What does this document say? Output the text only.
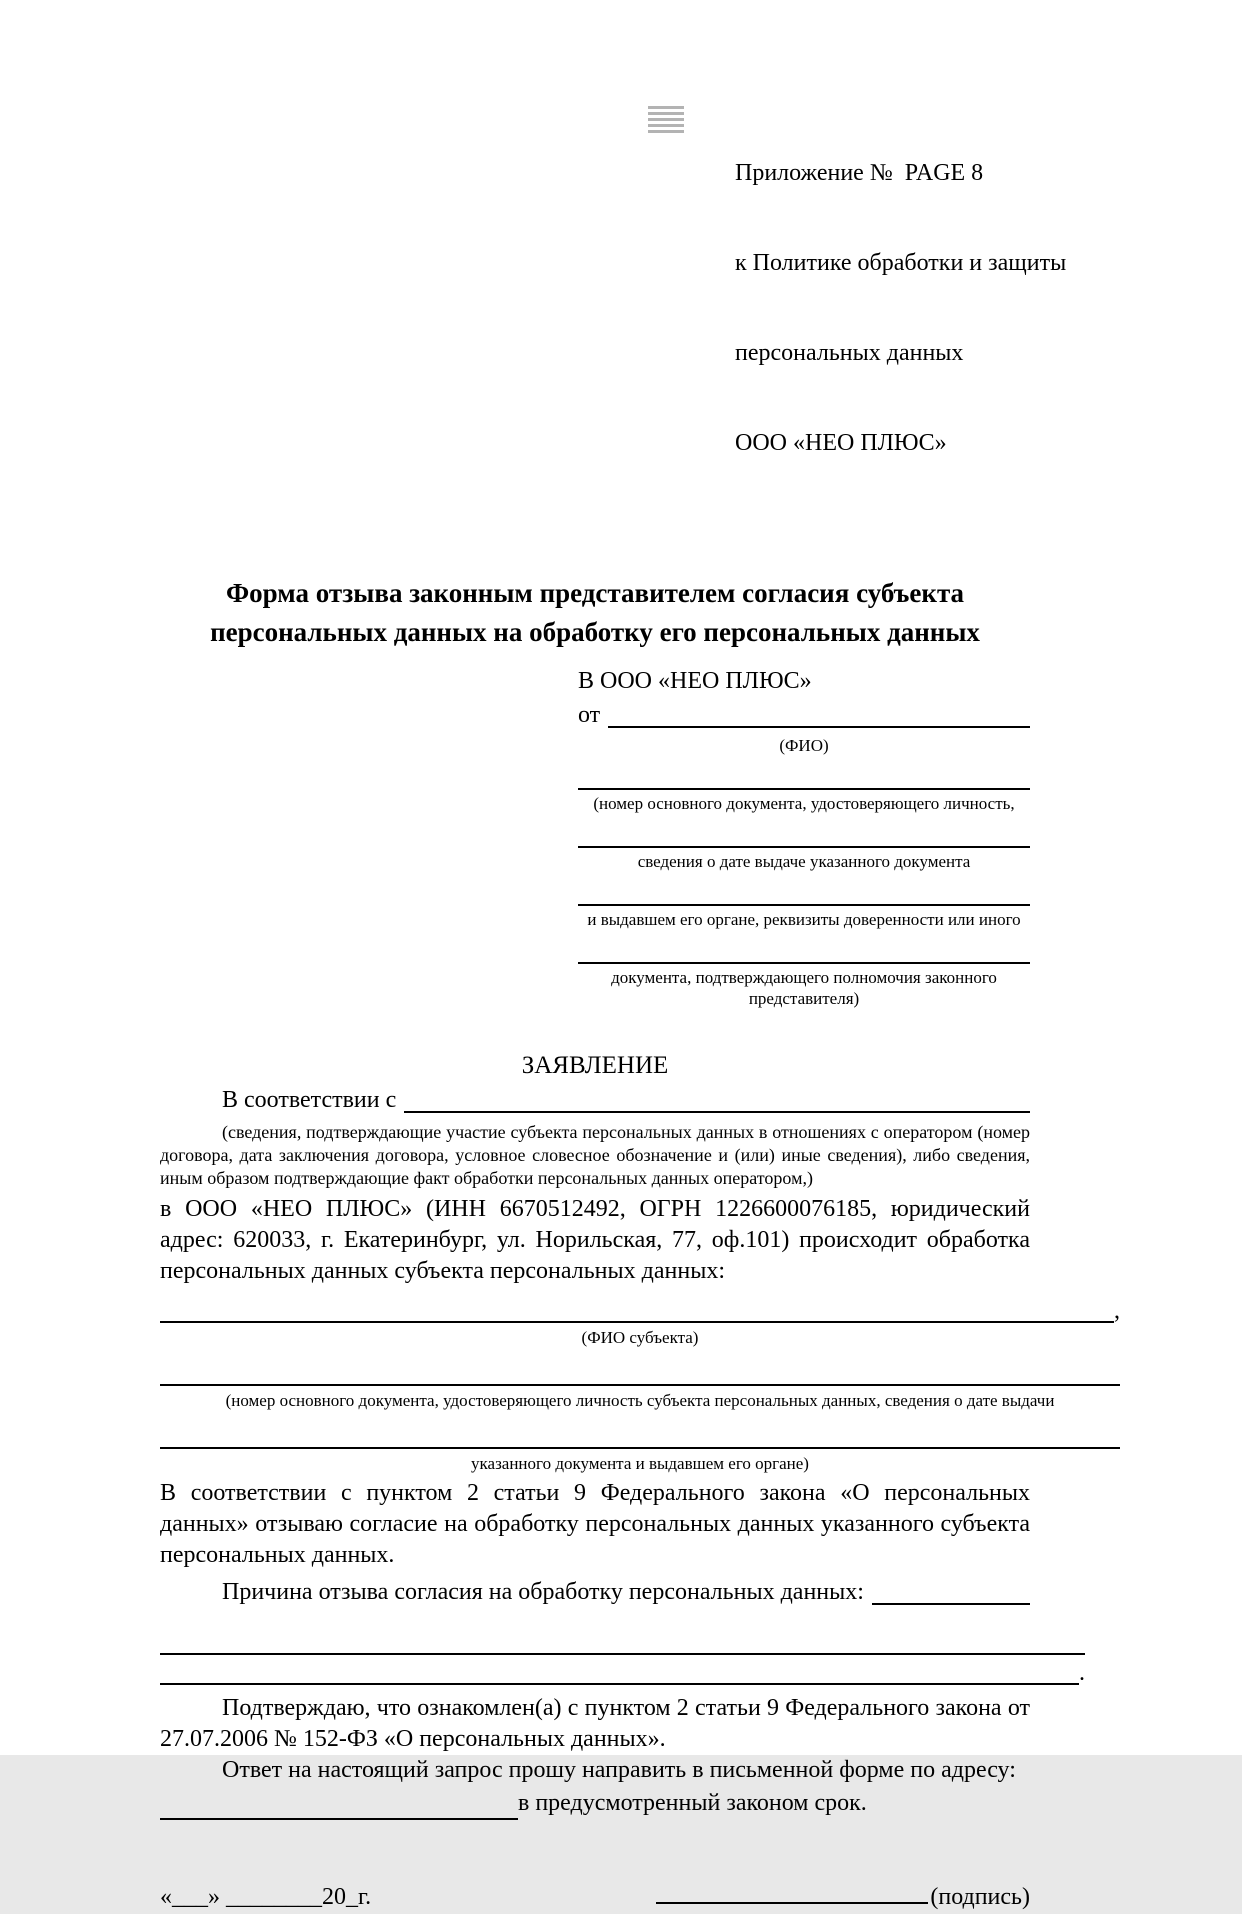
Приложение №  PAGE 8

к Политике обработки и защиты

персональных данных

ООО «НЕО ПЛЮС»

Форма отзыва законным представителем согласия субъекта
персональных данных на обработку его персональных данных
В ООО «НЕО ПЛЮС»
от
(ФИО)
(номер основного документа, удостоверяющего личность,
сведения о дате выдаче указанного документа
и выдавшем его органе, реквизиты доверенности или иного
документа, подтверждающего полномочия законного представителя)
ЗАЯВЛЕНИЕ
В соответствии с
(сведения, подтверждающие участие субъекта персональных данных в отношениях с оператором (номер договора, дата заключения договора, условное словесное обозначение и (или) иные сведения), либо сведения, иным образом подтверждающие факт обработки персональных данных оператором,)
в ООО «НЕО ПЛЮС» (ИНН 6670512492, ОГРН 1226600076185, юридический адрес: 620033, г. Екатеринбург, ул. Норильская, 77, оф.101) происходит обработка персональных данных субъекта персональных данных:
,
(ФИО субъекта)
(номер основного документа, удостоверяющего личность субъекта персональных данных, сведения о дате выдачи
указанного документа и выдавшем его органе)
В соответствии с пунктом 2 статьи 9 Федерального закона «О персональных данных» отзываю согласие на обработку персональных данных указанного субъекта персональных данных.
Причина отзыва согласия на обработку персональных данных:
.
Подтверждаю, что ознакомлен(а) с пунктом 2 статьи 9 Федерального закона от 27.07.2006 № 152-ФЗ «О персональных данных».
Ответ на настоящий запрос прошу направить в письменной форме по адресу:
в предусмотренный законом срок.
«___» ________20_г.	(подпись)
